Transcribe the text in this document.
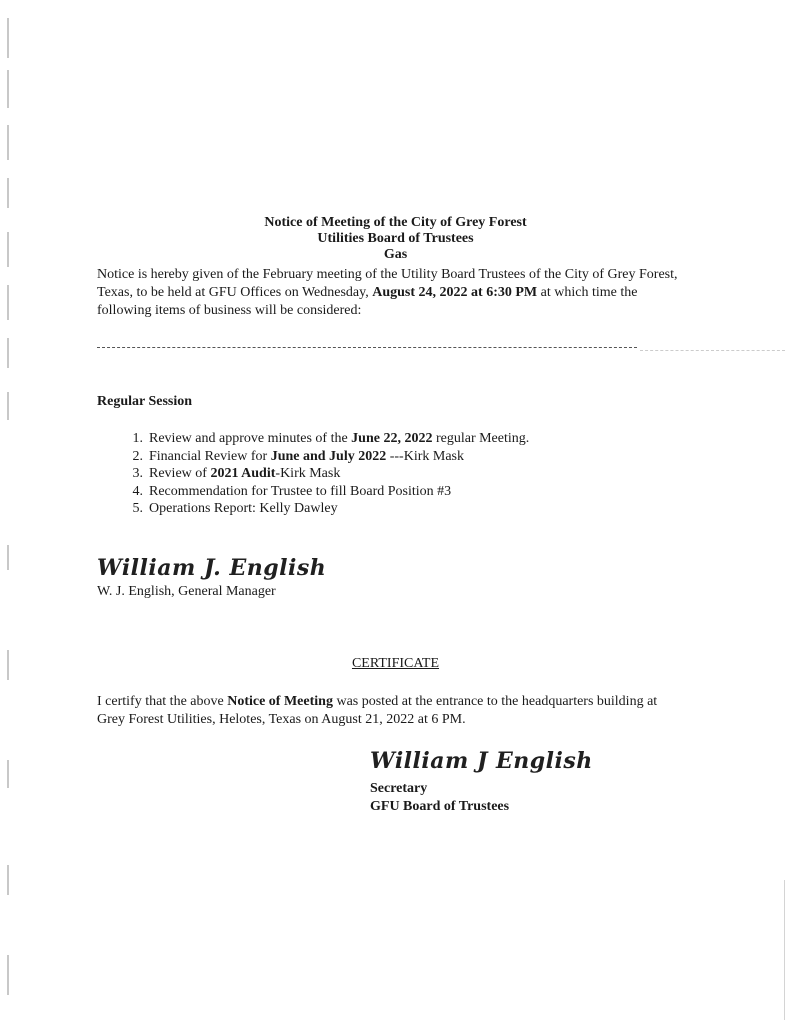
Notice of Meeting of the City of Grey Forest
Utilities Board of Trustees
Gas
Notice is hereby given of the February meeting of the Utility Board Trustees of the City of Grey Forest, Texas, to be held at GFU Offices on Wednesday, August 24, 2022 at 6:30 PM at which time the following items of business will be considered:
Regular Session
1. Review and approve minutes of the June 22, 2022 regular Meeting.
2. Financial Review for June and July 2022 ---Kirk Mask
3. Review of 2021 Audit-Kirk Mask
4. Recommendation for Trustee to fill Board Position #3
5. Operations Report: Kelly Dawley
William J. English
W. J. English, General Manager
CERTIFICATE
I certify that the above Notice of Meeting was posted at the entrance to the headquarters building at Grey Forest Utilities, Helotes, Texas on August 21, 2022 at 6 PM.
William J English
Secretary
GFU Board of Trustees
